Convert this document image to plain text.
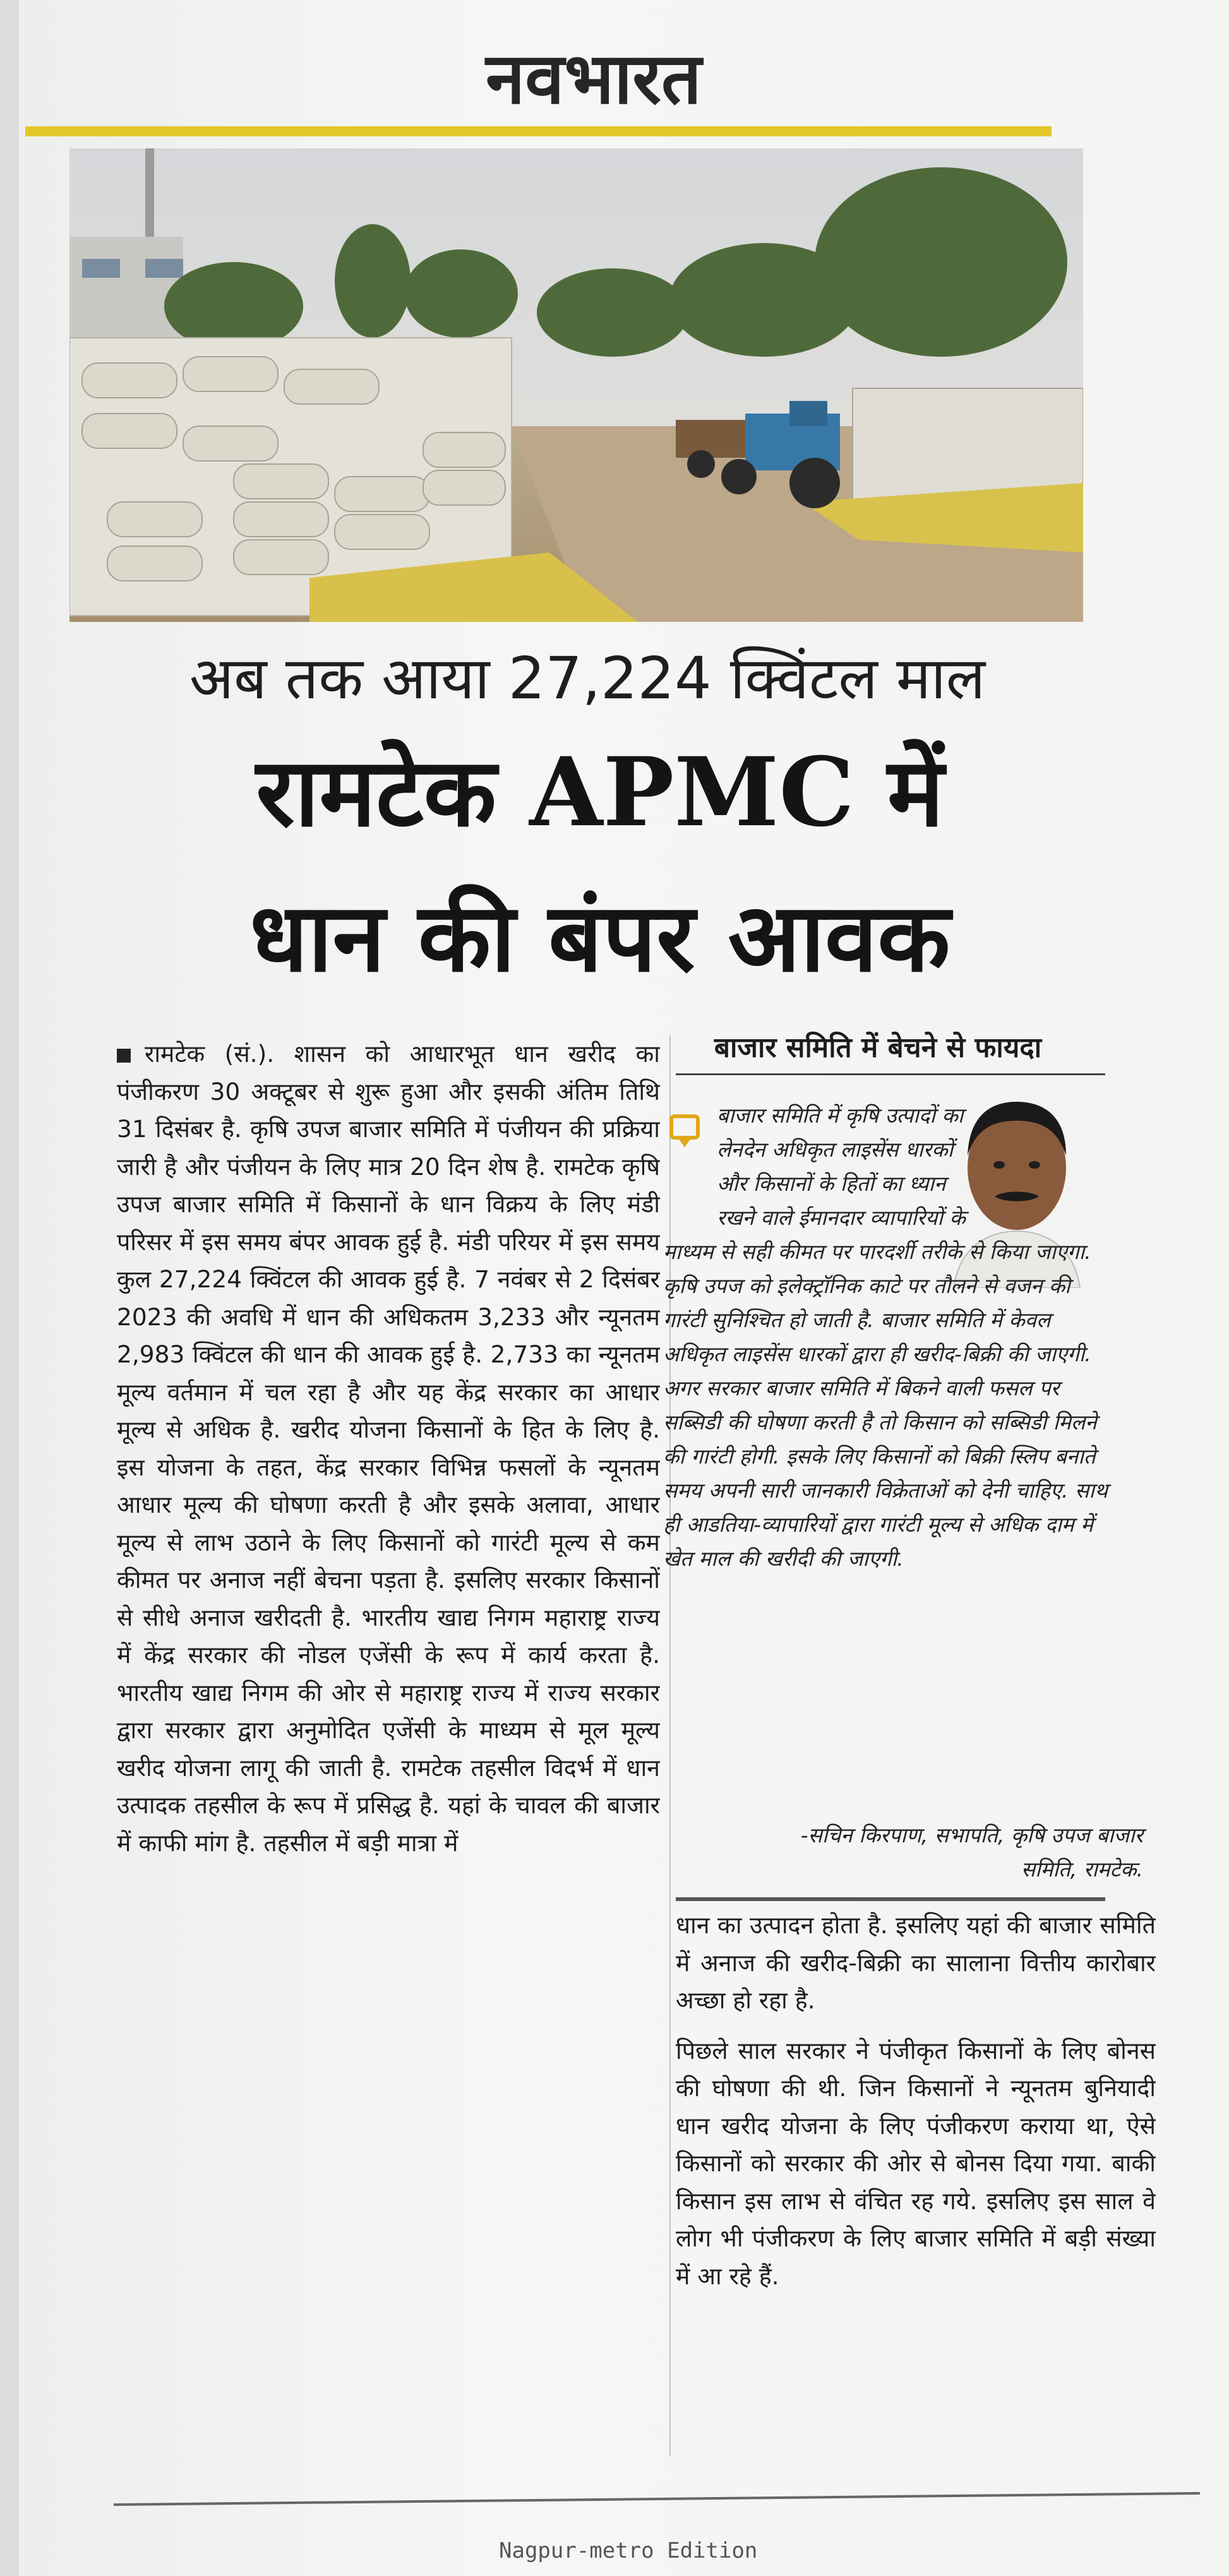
नवभारत
अब तक आया 27,224 क्विंटल माल
रामटेक APMC में
धान की बंपर आवक
रामटेक (सं.). शासन को आधारभूत धान खरीद का पंजीकरण 30 अक्टूबर से शुरू हुआ और इसकी अंतिम तिथि 31 दिसंबर है. कृषि उपज बाजार समिति में पंजीयन की प्रक्रिया जारी है और पंजीयन के लिए मात्र 20 दिन शेष है. रामटेक कृषि उपज बाजार समिति में किसानों के धान विक्रय के लिए मंडी परिसर में इस समय बंपर आवक हुई है. मंडी परियर में इस समय कुल 27,224 क्विंटल की आवक हुई है. 7 नवंबर से 2 दिसंबर 2023 की अवधि में धान की अधिकतम 3,233 और न्यूनतम 2,983 क्विंटल की धान की आवक हुई है. 2,733 का न्यूनतम मूल्य वर्तमान में चल रहा है और यह केंद्र सरकार का आधार मूल्य से अधिक है. खरीद योजना किसानों के हित के लिए है. इस योजना के तहत, केंद्र सरकार विभिन्न फसलों के न्यूनतम आधार मूल्य की घोषणा करती है और इसके अलावा, आधार मूल्य से लाभ उठाने के लिए किसानों को गारंटी मूल्य से कम कीमत पर अनाज नहीं बेचना पड़ता है. इसलिए सरकार किसानों से सीधे अनाज खरीदती है. भारतीय खाद्य निगम महाराष्ट्र राज्य में केंद्र सरकार की नोडल एजेंसी के रूप में कार्य करता है. भारतीय खाद्य निगम की ओर से महाराष्ट्र राज्य में राज्य सरकार द्वारा सरकार द्वारा अनुमोदित एजेंसी के माध्यम से मूल मूल्य खरीद योजना लागू की जाती है. रामटेक तहसील विदर्भ में धान उत्पादक तहसील के रूप में प्रसिद्ध है. यहां के चावल की बाजार में काफी मांग है. तहसील में बड़ी मात्रा में
बाजार समिति में बेचने से फायदा
बाजार समिति में कृषि उत्पादों का लेनदेन अधिकृत लाइसेंस धारकों और किसानों के हितों का ध्यान रखने वाले ईमानदार व्यापारियों के
माध्यम से सही कीमत पर पारदर्शी तरीके से किया जाएगा. कृषि उपज को इलेक्ट्रॉनिक काटे पर तौलने से वजन की गारंटी सुनिश्चित हो जाती है. बाजार समिति में केवल अधिकृत लाइसेंस धारकों द्वारा ही खरीद-बिक्री की जाएगी. अगर सरकार बाजार समिति में बिकने वाली फसल पर सब्सिडी की घोषणा करती है तो किसान को सब्सिडी मिलने की गारंटी होगी. इसके लिए किसानों को बिक्री स्लिप बनाते समय अपनी सारी जानकारी विक्रेताओं को देनी चाहिए. साथ ही आडतिया-व्यापारियों द्वारा गारंटी मूल्य से अधिक दाम में खेत माल की खरीदी की जाएगी.
-सचिन किरपाण, सभापति, कृषि उपज बाजार
समिति, रामटेक.

धान का उत्पादन होता है. इसलिए यहां की बाजार समिति में अनाज की खरीद-बिक्री का सालाना वित्तीय कारोबार अच्छा हो रहा है.

पिछले साल सरकार ने पंजीकृत किसानों के लिए बोनस की घोषणा की थी. जिन किसानों ने न्यूनतम बुनियादी धान खरीद योजना के लिए पंजीकरण कराया था, ऐसे किसानों को सरकार की ओर से बोनस दिया गया. बाकी किसान इस लाभ से वंचित रह गये. इसलिए इस साल वे लोग भी पंजीकरण के लिए बाजार समिति में बड़ी संख्या में आ रहे हैं.

Nagpur-metro Edition
